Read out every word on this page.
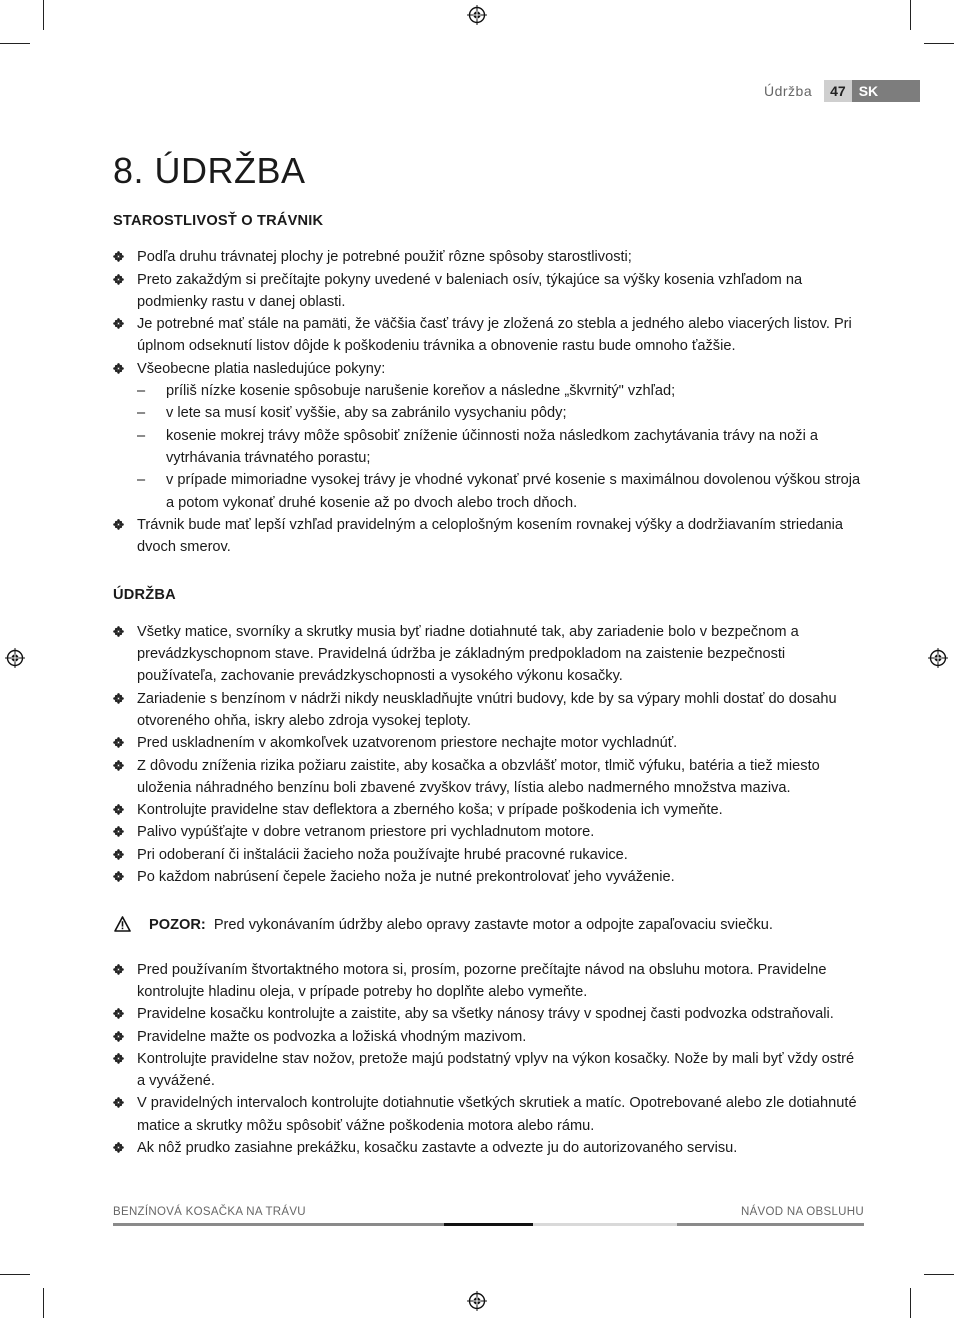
Údržba	47 SK
8. ÚDRŽBA
STAROSTLIVOSŤ O TRÁVNIK
Podľa druhu trávnatej plochy je potrebné použiť rôzne spôsoby starostlivosti;
Preto zakaždým si prečítajte pokyny uvedené v baleniach osív, týkajúce sa výšky kosenia vzhľadom na podmienky rastu v danej oblasti.
Je potrebné mať stále na pamäti, že väčšia časť trávy je zložená zo stebla a jedného alebo viacerých listov. Pri úplnom odseknutí listov dôjde k poškodeniu trávnika a obnovenie rastu bude omnoho ťažšie.
Všeobecne platia nasledujúce pokyny:
– príliš nízke kosenie spôsobuje narušenie koreňov a následne „škvrnitý" vzhľad;
– v lete sa musí kosiť vyššie, aby sa zabránilo vysychaniu pôdy;
– kosenie mokrej trávy môže spôsobiť zníženie účinnosti noža následkom zachytávania trávy na noži a vytrhávania trávnatého porastu;
– v prípade mimoriadne vysokej trávy je vhodné vykonať prvé kosenie s maximálnou dovolenou výškou stroja a potom vykonať druhé kosenie až po dvoch alebo troch dňoch.
Trávnik bude mať lepší vzhľad pravidelným a celoplošným kosením rovnakej výšky a dodržiavaním striedania dvoch smerov.
ÚDRŽBA
Všetky matice, svorníky a skrutky musia byť riadne dotiahnuté tak, aby zariadenie bolo v bezpečnom a prevádzkyschopnom stave. Pravidelná údržba je základným predpokladom na zaistenie bezpečnosti používateľa, zachovanie prevádzkyschopnosti a vysokého výkonu kosačky.
Zariadenie s benzínom v nádrži nikdy neuskladňujte vnútri budovy, kde by sa výpary mohli dostať do dosahu otvoreného ohňa, iskry alebo zdroja vysokej teploty.
Pred uskladnením v akomkoľvek uzatvorenom priestore nechajte motor vychladnúť.
Z dôvodu zníženia rizika požiaru zaistite, aby kosačka a obzvlášť motor, tlmič výfuku, batéria a tiež miesto uloženia náhradného benzínu boli zbavené zvyškov trávy, lístia alebo nadmerného množstva maziva.
Kontrolujte pravidelne stav deflektora a zberného koša; v prípade poškodenia ich vymeňte.
Palivo vypúšťajte v dobre vetranom priestore pri vychladnutom motore.
Pri odoberaní či inštalácii žacieho noža používajte hrubé pracovné rukavice.
Po každom nabrúsení čepele žacieho noža je nutné prekontrolovať jeho vyváženie.
POZOR: Pred vykonávaním údržby alebo opravy zastavte motor a odpojte zapaľovaciu sviečku.
Pred používaním štvortaktného motora si, prosím, pozorne prečítajte návod na obsluhu motora. Pravidelne kontrolujte hladinu oleja, v prípade potreby ho doplňte alebo vymeňte.
Pravidelne kosačku kontrolujte a zaistite, aby sa všetky nánosy trávy v spodnej časti podvozka odstraňovali.
Pravidelne mažte os podvozka a ložiská vhodným mazivom.
Kontrolujte pravidelne stav nožov, pretože majú podstatný vplyv na výkon kosačky. Nože by mali byť vždy ostré a vyvážené.
V pravidelných intervaloch kontrolujte dotiahnutie všetkých skrutiek a matíc. Opotrebované alebo zle dotiahnuté matice a skrutky môžu spôsobiť vážne poškodenia motora alebo rámu.
Ak nôž prudko zasiahne prekážku, kosačku zastavte a odvezte ju do autorizovaného servisu.
BENZÍNOVÁ KOSAČKA NA TRÁVU	NÁVOD NA OBSLUHU
